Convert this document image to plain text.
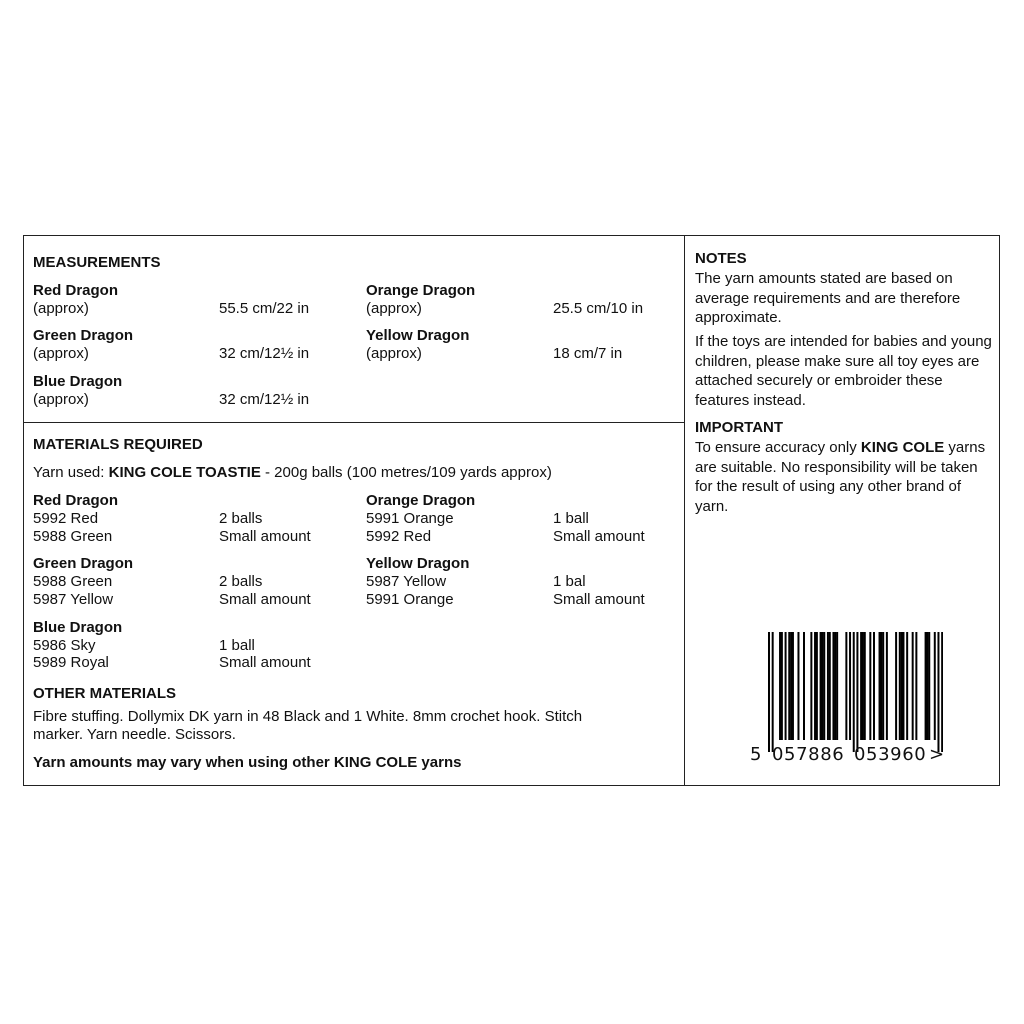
MEASUREMENTS
Red Dragon
(approx)	55.5 cm/22 in
Green Dragon
(approx)	32 cm/12½ in
Blue Dragon
(approx)	32 cm/12½ in
Orange Dragon
(approx)	25.5 cm/10 in
Yellow Dragon
(approx)	18 cm/7 in
MATERIALS REQUIRED
Yarn used: KING COLE TOASTIE - 200g balls (100 metres/109 yards approx)
Red Dragon
5992 Red	2 balls
5988 Green	Small amount
Green Dragon
5988 Green	2 balls
5987 Yellow	Small amount
Blue Dragon
5986 Sky	1 ball
5989 Royal	Small amount
Orange Dragon
5991 Orange	1 ball
5992 Red	Small amount
Yellow Dragon
5987 Yellow	1 bal
5991 Orange	Small amount
OTHER MATERIALS
Fibre stuffing. Dollymix DK yarn in 48 Black and 1 White. 8mm crochet hook. Stitch
marker. Yarn needle. Scissors.
Yarn amounts may vary when using other KING COLE yarns
NOTES
The yarn amounts stated are based on average requirements and are therefore approximate.
If the toys are intended for babies and young children, please make sure all toy eyes are attached securely or embroider these features instead.
IMPORTANT
To ensure accuracy only KING COLE yarns are suitable. No responsibility will be taken for the result of using any other brand of yarn.
5 057886 053960 >
